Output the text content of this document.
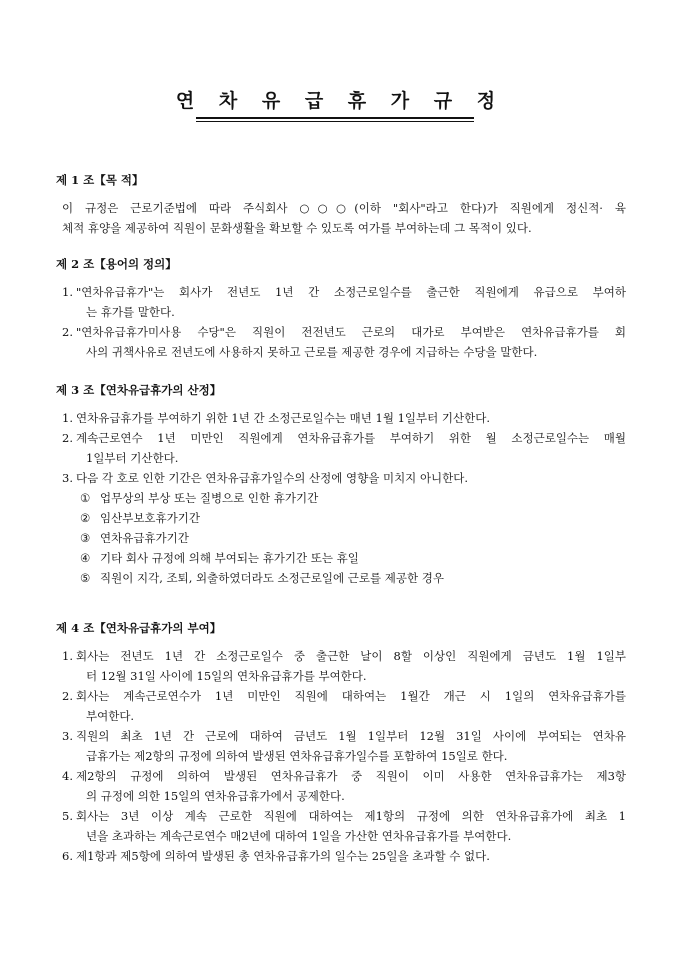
연 차 유 급 휴 가 규 정
제 1 조【목 적】
이 규정은 근로기준법에 따라 주식회사 ○○○(이하 "회사"라고 한다)가 직원에게 정신적· 육
체적 휴양을 제공하여 직원이 문화생활을 확보할 수 있도록 여가를 부여하는데 그 목적이 있다.
제 2 조【용어의 정의】
1. "연차유급휴가"는 회사가 전년도 1년 간 소정근로일수를 출근한 직원에게 유급으로 부여하
는 휴가를 말한다.
2. "연차유급휴가미사용 수당"은 직원이 전전년도 근로의 대가로 부여받은 연차유급휴가를 회
사의 귀책사유로 전년도에 사용하지 못하고 근로를 제공한 경우에 지급하는 수당을 말한다.
제 3 조【연차유급휴가의 산정】
1. 연차유급휴가를 부여하기 위한 1년 간 소정근로일수는 매년 1월 1일부터 기산한다.
2. 계속근로연수 1년 미만인 직원에게 연차유급휴가를 부여하기 위한 월 소정근로일수는 매월
1일부터 기산한다.
3. 다음 각 호로 인한 기간은 연차유급휴가일수의 산정에 영향을 미치지 아니한다.
① 업무상의 부상 또는 질병으로 인한 휴가기간
② 임산부보호휴가기간
③ 연차유급휴가기간
④ 기타 회사 규정에 의해 부여되는 휴가기간 또는 휴일
⑤ 직원이 지각, 조퇴, 외출하였더라도 소정근로일에 근로를 제공한 경우
제 4 조【연차유급휴가의 부여】
1. 회사는 전년도 1년 간 소정근로일수 중 출근한 날이 8할 이상인 직원에게 금년도 1월 1일부
터 12월 31일 사이에 15일의 연차유급휴가를 부여한다.
2. 회사는 계속근로연수가 1년 미만인 직원에 대하여는 1월간 개근 시 1일의 연차유급휴가를
부여한다.
3. 직원의 최초 1년 간 근로에 대하여 금년도 1월 1일부터 12월 31일 사이에 부여되는 연차유
급휴가는 제2항의 규정에 의하여 발생된 연차유급휴가일수를 포함하여 15일로 한다.
4. 제2항의 규정에 의하여 발생된 연차유급휴가 중 직원이 이미 사용한 연차유급휴가는 제3항
의 규정에 의한 15일의 연차유급휴가에서 공제한다.
5. 회사는 3년 이상 계속 근로한 직원에 대하여는 제1항의 규정에 의한 연차유급휴가에 최초 1
년을 초과하는 계속근로연수 매2년에 대하여 1일을 가산한 연차유급휴가를 부여한다.
6. 제1항과 제5항에 의하여 발생된 총 연차유급휴가의 일수는 25일을 초과할 수 없다.
